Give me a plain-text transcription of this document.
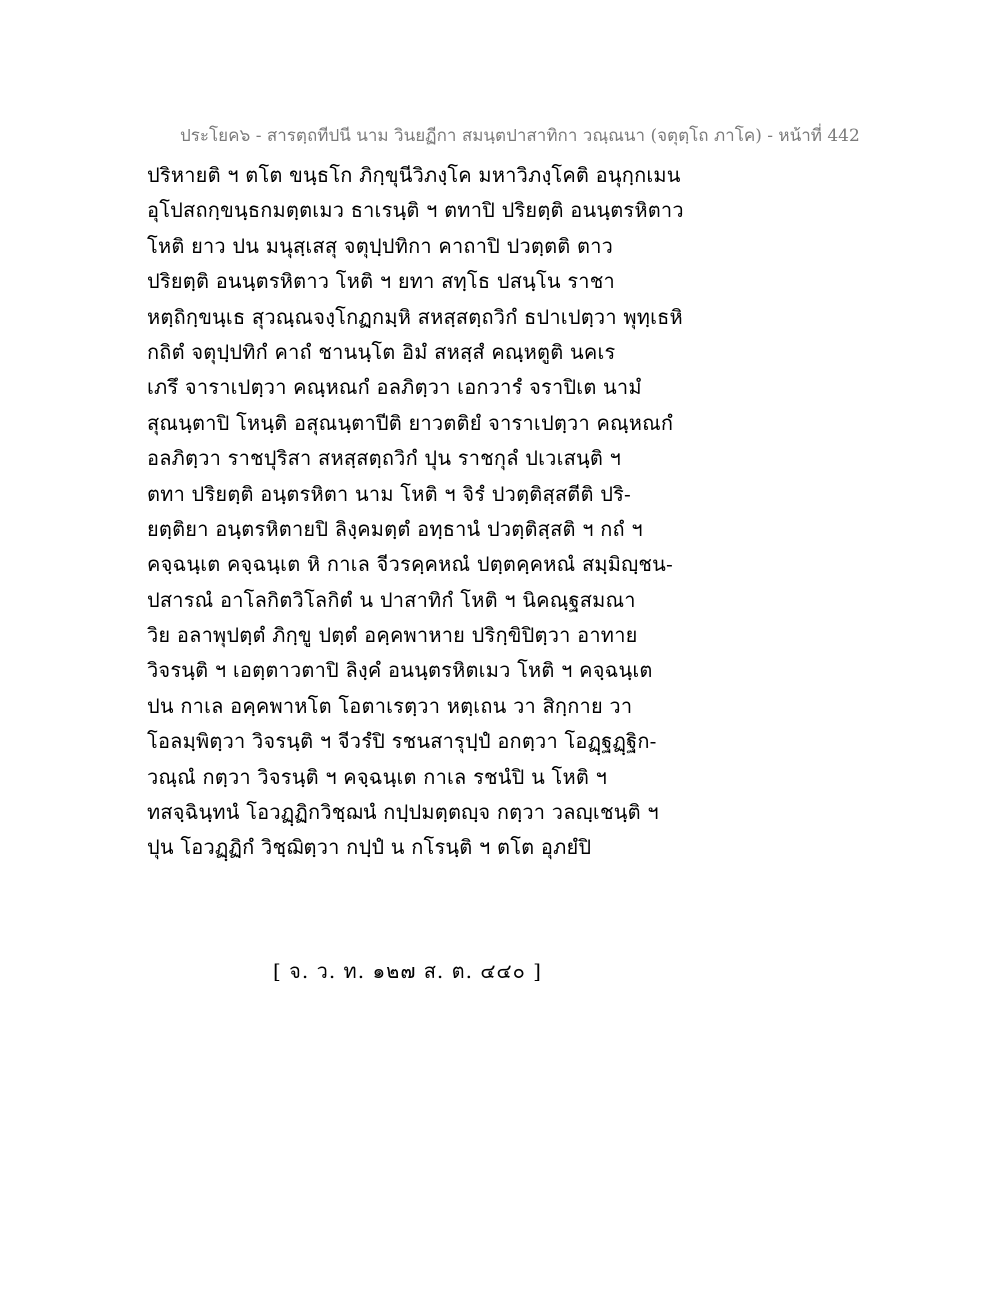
ประโยค๖ - สารตฺถทีปนี นาม วินยฏีกา สมนฺตปาสาทิกา วณฺณนา (จตุตฺโถ ภาโค) - หน้าที่ 442
ปริหายติ ฯ ตโต ขนฺธโก ภิกฺขุนีวิภงฺโค มหาวิภงฺโคติ อนุกฺกเมน
อุโปสถกฺขนฺธกมตฺตเมว ธาเรนฺติ ฯ ตทาปิ ปริยตฺติ อนนฺตรหิตาว
โหติ ยาว ปน มนุสฺเสสุ จตุปฺปทิกา คาถาปิ ปวตฺตติ ตาว
ปริยตฺติ อนนฺตรหิตาว โหติ ฯ ยทา สทฺโธ ปสนฺโน ราชา
หตฺถิกฺขนฺเธ สุวณฺณจงฺโกฏกมฺหิ สหสฺสตฺถวิกํ ธปาเปตฺวา พุทฺเธหิ
กถิตํ จตุปฺปทิกํ คาถํ ชานนฺโต อิมํ สหสฺสํ คณฺหตูติ นคเร
เภรึ จาราเปตฺวา คณฺหณกํ อลภิตฺวา เอกวารํ จราปิเต นามํ
สุณนฺตาปิ โหนฺติ อสุณนฺตาปีติ ยาวตติยํ จาราเปตฺวา คณฺหณกํ
อลภิตฺวา ราชปุริสา สหสฺสตฺถวิกํ ปุน ราชกุลํ ปเวเสนฺติ ฯ
ตทา ปริยตฺติ อนฺตรหิตา นาม โหติ ฯ จิรํ ปวตฺติสฺสตีติ ปริ-
ยตฺติยา อนฺตรหิตายปิ ลิงฺคมตฺตํ อทฺธานํ ปวตฺติสฺสติ ฯ กถํ ฯ
คจฺฉนฺเต คจฺฉนฺเต หิ กาเล จีวรคฺคหณํ ปตฺตคฺคหณํ สมฺมิญฺชน-
ปสารณํ อาโลกิตวิโลกิตํ น ปาสาทิกํ โหติ ฯ นิคณฺฐสมณา
วิย อลาพุปตฺตํ ภิกฺขู ปตฺตํ อคฺคพาหาย ปริกฺขิปิตฺวา อาทาย
วิจรนฺติ ฯ เอตฺตาวตาปิ ลิงฺคํ อนนฺตรหิตเมว โหติ ฯ คจฺฉนฺเต
ปน กาเล อคฺคพาหโต โอตาเรตฺวา หตฺเถน วา สิกฺกาย วา
โอลมฺพิตฺวา วิจรนฺติ ฯ จีวรํปิ รชนสารุปฺปํ อกตฺวา โอฏฺฐฏฺฐิก-
วณฺณํ กตฺวา วิจรนฺติ ฯ คจฺฉนฺเต กาเล รชนํปิ น โหติ ฯ
ทสจฺฉินฺทนํ โอวฏฺฏิกวิชฺฌนํ กปฺปมตฺตญฺจ กตฺวา วลญฺเชนฺติ ฯ
ปุน โอวฏฺฏิกํ วิชฺฌิตฺวา กปฺปํ น กโรนฺติ ฯ ตโต อุภยํปิ
[ จ. ว. ท. ๑๒๗ ส. ต. ๔๔๐ ]
